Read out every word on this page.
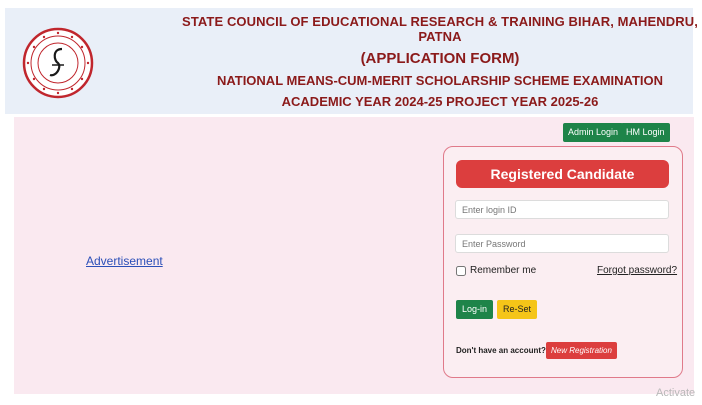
STATE COUNCIL OF EDUCATIONAL RESEARCH & TRAINING BIHAR, MAHENDRU, PATNA
(APPLICATION FORM)
NATIONAL MEANS-CUM-MERIT SCHOLARSHIP SCHEME EXAMINATION
ACADEMIC YEAR 2024-25 PROJECT YEAR 2025-26
Advertisement
Admin Login HM Login
Registered Candidate
Enter login ID
Remember me	Forgot password?
Log-in	Re-Set
Don't have an account? New Registration
Activate
